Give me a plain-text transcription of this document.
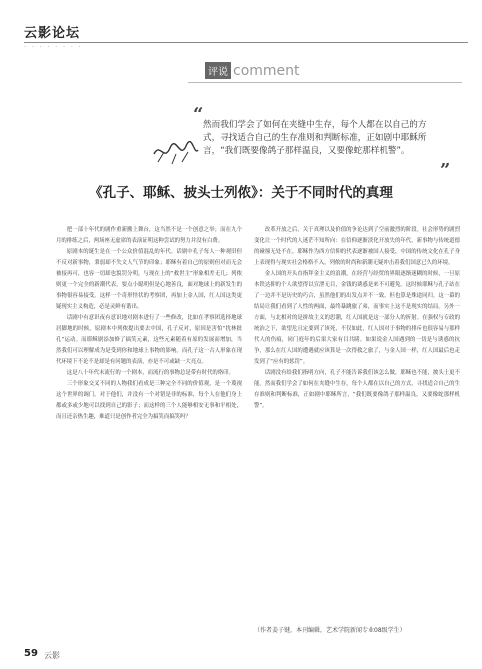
云影论坛
· · · · · · · ·
评说 comment
“ 然而我们学会了如何在夹缝中生存，每个人都在以自己的方式，寻找适合自己的生存准则和判断标准，正如剧中耶稣所言，“我们既要像鸽子那样温良，又要像蛇那样机警”。
”
《孔子、耶稣、披头士列侬》：关于不同时代的真理

把一部十年代的剧作重新搬上舞台，这当然不是一个创意之举；而在九个月的排练之后，两场座无虚席的表演证明这种尝试的努力并没有白费。

原剧本的诞生是在一个公众价值混乱的年代。话剧中孔子每人一种观旧但不反对新事物，秉弱却不失文人气节的印象；耶稣有着自己的原则但对而无会被接再可，也容一切却也貌罚分明，与现在上的“救世主”形象相差无几；列侬则更一个完全的新潮代表，耍点小聪明但是心地善良，面对地球上的新发生的事物很容易接受。这样一个奇形怪状的考察团，再加上金人国，红人国这类更疑现实主义构造，必是灵鲜有谐出。

话剧中有意识夜有意识地对剧本进行了一些修改，比如在孝察团选择地球居脚地的时候，原剧本中列侬提出要去中国，孔子反对，原因是害怕“扰林批孔”运动。而耶稣剧添加修了搞笑元素，这些元素随着有原的发展而增加，当然我们可以理解成为是受到你和地球上事物的影响。而孔子这一古人形象在现代环境下不论不是却是有问题的表演，亦是不可或缺一大亮点。

这是八十年代末流行的一个剧本，而流行的事物总是带有时代的烙印。

三个形象交叉不同的人物我们看成是三种完全不同的价值观，是一个蔑视这个世界的调门。对于他们，并没有一个对错是非的标准，每个人在他们身上都或多或少地可以找到自己的影子；而这样的三个人能够相安无事和平相处，而且还亲热生趣，难道只是创作者完全为搞笑而搞笑吗？

改革开放之后，关于真理以及价值的争论达到了空前激烈的阶段。社会形势的剧烈变化让一个时代的人迷茫不知所向：在信仰逐渐淡化开放失的年代，新事物与传统道德的碰撞无处不在，耶稣作为西方信仰的代表逐渐被国人接受，中国的传统文化在孔子身上表现得与现实社会格格不入，列侬的时尚和新潮无疑冲击着我们国意已久的环境。

金人国的开头直指拜金主义的浪潮，在经营与经贸的界限逐渐迷糊的时候，一旦原本铁达抑的个人欲望得以宣泄无目，金钱的诱惑是来不可避免。这时候耶稣与孔子站在了一边并不是历史的巧合，虽然他们的出发点并不一致，但也算是殊途同归。这一幕的结局让我们看到了人性的两面，最终暴跳旅了弟，而事实上这不是现实的结局。另外一方面，与北相对的是拼故主义的思潮，红人国就是这一部分人的折射。在强权与专政的统治之下，欲望危且定要到了该死，不仅如此，红人国对于事物的排斥也很容易与那样代人的伤痕，同门庭年的后果大家有目共睹。如果说金人国遇到的一切是与诱惑的抗争，那么在红人国的遭遇就应该算是一次得救之旅了，与金人国一样，红人国最后也走发到了“应有的惩罚”。

话剧没有给我们指明方向，孔子不能告诉我们该怎么做，耶稣也不能，披头士更不能。然而我们学会了如何在夹缝中生存，每个人都在以自己的方式，寻找适合自己的生存准则和判断标准，正如剧中耶稣所言，“我们既要像鸽子那样温良，又要像蛇那样机警”。

（作者姜子键，本刊编辑，艺术学院新闻专业08级学生）
59 云影
